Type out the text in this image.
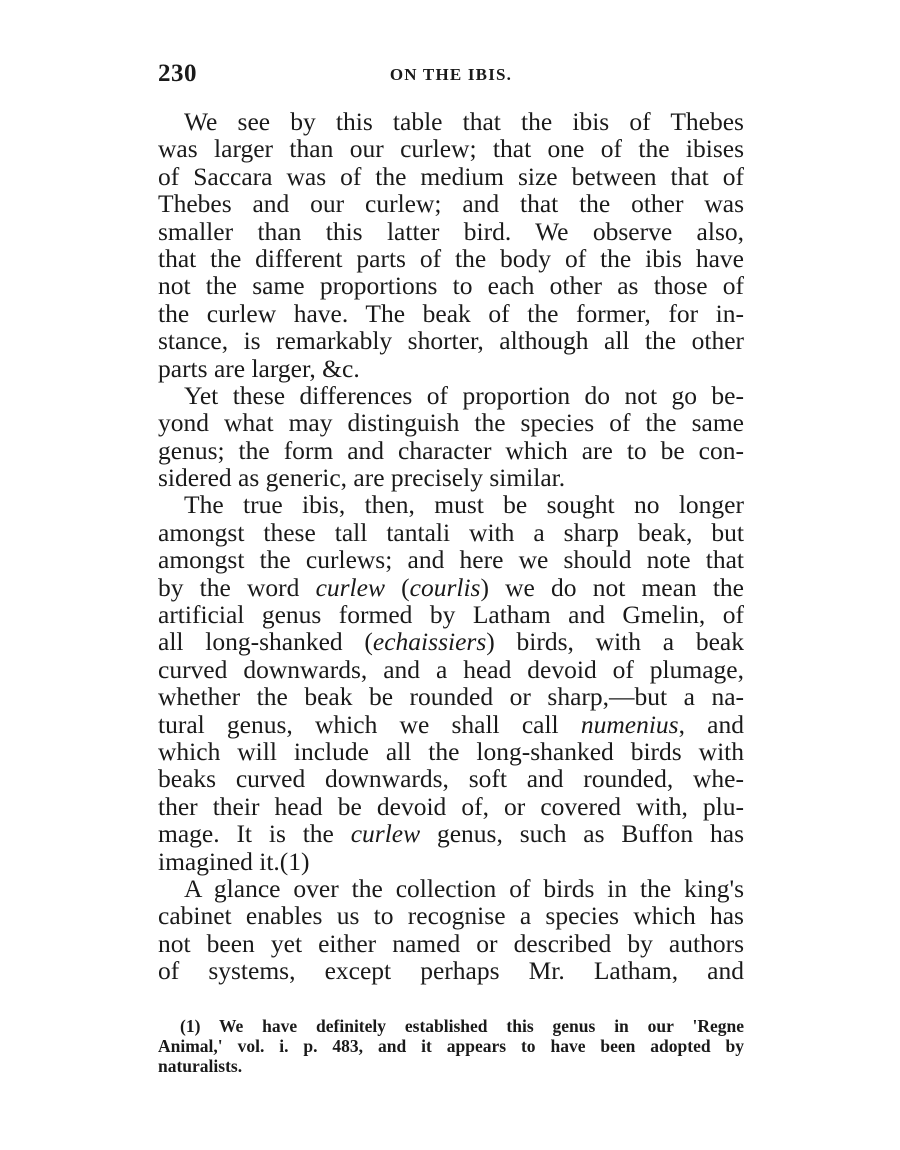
230	ON THE IBIS.
We see by this table that the ibis of Thebes
was larger than our curlew; that one of the ibises
of Saccara was of the medium size between that of
Thebes and our curlew; and that the other was
smaller than this latter bird. We observe also,
that the different parts of the body of the ibis have
not the same proportions to each other as those of
the curlew have. The beak of the former, for in-
stance, is remarkably shorter, although all the other
parts are larger, &c.
Yet these differences of proportion do not go be-
yond what may distinguish the species of the same
genus; the form and character which are to be con-
sidered as generic, are precisely similar.
The true ibis, then, must be sought no longer
amongst these tall tantali with a sharp beak, but
amongst the curlews; and here we should note that
by the word curlew (courlis) we do not mean the
artificial genus formed by Latham and Gmelin, of
all long-shanked (echaissiers) birds, with a beak
curved downwards, and a head devoid of plumage,
whether the beak be rounded or sharp,—but a na-
tural genus, which we shall call numenius, and
which will include all the long-shanked birds with
beaks curved downwards, soft and rounded, whe-
ther their head be devoid of, or covered with, plu-
mage. It is the curlew genus, such as Buffon has
imagined it.(1)
A glance over the collection of birds in the king's
cabinet enables us to recognise a species which has
not been yet either named or described by authors
of systems, except perhaps Mr. Latham, and
(1) We have definitely established this genus in our 'Regne
Animal,' vol. i. p. 483, and it appears to have been adopted by
naturalists.
